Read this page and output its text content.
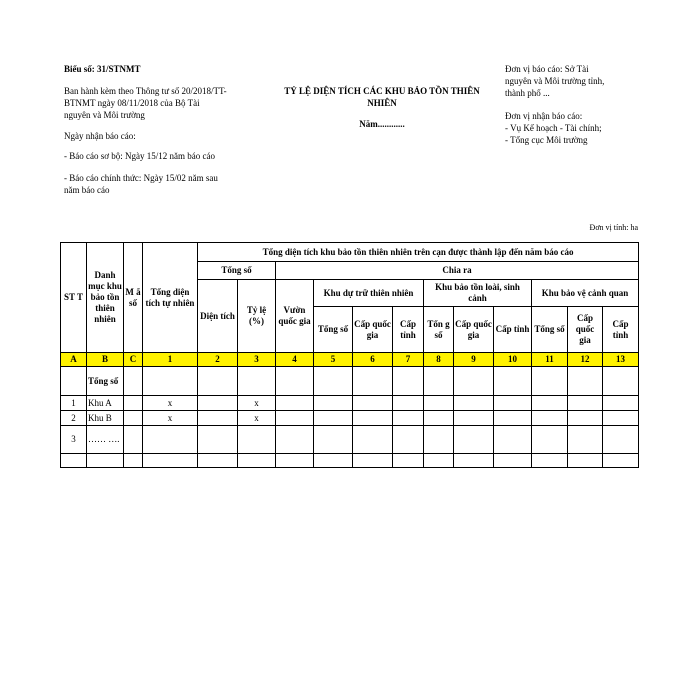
Biểu số: 31/STNMT
Ban hành kèm theo Thông tư số 20/2018/TT-
BTNMT ngày 08/11/2018 của Bộ Tài
nguyên và Môi trường
Ngày nhận báo cáo:
- Báo cáo sơ bộ: Ngày 15/12 năm báo cáo
- Báo cáo chính thức: Ngày 15/02 năm sau
năm báo cáo
TỶ LỆ DIỆN TÍCH CÁC KHU BẢO TỒN THIÊN
NHIÊN
Năm............
Đơn vị báo cáo: Sở Tài
nguyên và Môi trường tỉnh,
thành phố ...
Đơn vị nhận báo cáo:
- Vụ Kế hoạch - Tài chính;
- Tổng cục Môi trường
Đơn vị tính: ha
ST T	Danh mục khu bảo tồn thiên nhiên	M ã số	Tổng diện tích tự nhiên	Tổng diện tích khu bảo tồn thiên nhiên trên cạn được thành lập đến năm báo cáo											
				Tổng số		Chia ra									
				Diện tích	Tỷ lệ (%)	Vườn quốc gia	Khu dự trữ thiên nhiên			Khu bảo tồn loài, sinh cảnh			Khu bảo vệ cảnh quan		
							Tổng số	Cấp quốc gia	Cấp tỉnh	Tổn g số	Cấp quốc gia	Cấp tỉnh	Tổng số	Cấp quốc gia	Cấp tỉnh
A	B	C	1	2	3	4	5	6	7	8	9	10	11	12	13
	Tổng số														
1	Khu A		x		x										
2	Khu B		x		x										
3	…… ….														
